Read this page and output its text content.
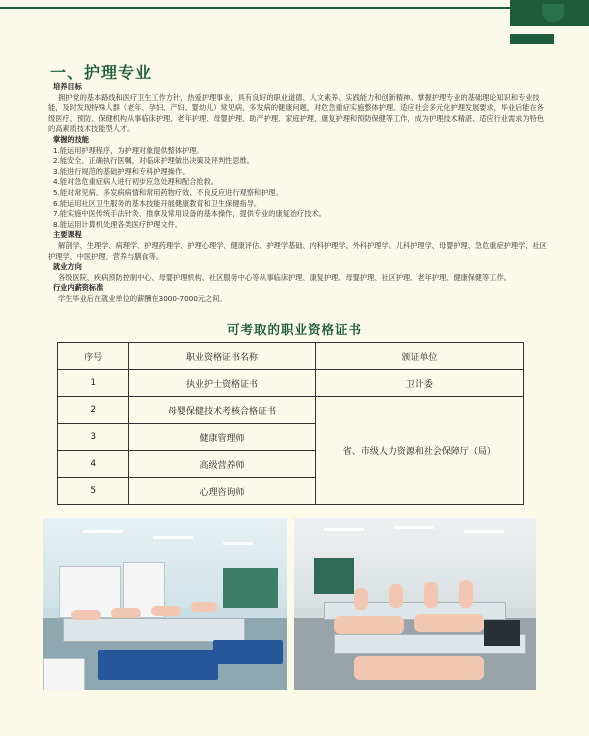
一、护理专业
培养目标

拥护党的基本路线和医疗卫生工作方针，热爱护理事业，具有良好的职业道德、人文素养、实践能力和创新精神。掌握护理专业的基础理论知识和专业技能，及时发现特殊人群（老年、孕妇、产妇、婴幼儿）常见病、多发病的健康问题，对危急重症实施整体护理。适应社会多元化护理发展要求，毕业后能在各级医疗、预防、保健机构从事临床护理、老年护理、母婴护理、助产护理、家庭护理、康复护理和预防保健等工作，成为护理技术精湛、适应行业需求为特色的高素质技术技能型人才。

掌握的技能
1.能运用护理程序，为护理对象提供整体护理。
2.能安全、正确执行医嘱，对临床护理做出决策及评判性思维。
3.能进行规范的基础护理和专科护理操作。
4.能对急危重症病人进行初步应急处理和配合抢救。
5.能对常见病、多发病病情和常用药物疗效、不良反应进行观察和护理。
6.能运用社区卫生服务的基本技能开展健康教育和卫生保健指导。
7.能实施中医传统手法针灸、推拿及常用设备的基本操作，提供专业的康复治疗技术。
8.能运用计算机处理各类医疗护理文件。
主要课程

解剖学、生理学、病理学、护理药理学、护理心理学、健康评估、护理学基础、内科护理学、外科护理学、儿科护理学、母婴护理、急危重症护理学、社区护理学、中医护理、营养与膳食等。

就业方向

各级医院、疾病预防控制中心、母婴护理机构、社区服务中心等从事临床护理、康复护理、母婴护理、社区护理、老年护理、健康保健等工作。

行业内薪资标准

学生毕业后在就业单位的薪酬在3000-7000元之间。

可考取的职业资格证书
序号	职业资格证书名称	颁证单位
1	执业护士资格证书	卫计委
2	母婴保健技术考核合格证书	省、市级人力资源和社会保障厅（局）
3	健康管理师	
4	高级营养师	
5	心理咨询师	
